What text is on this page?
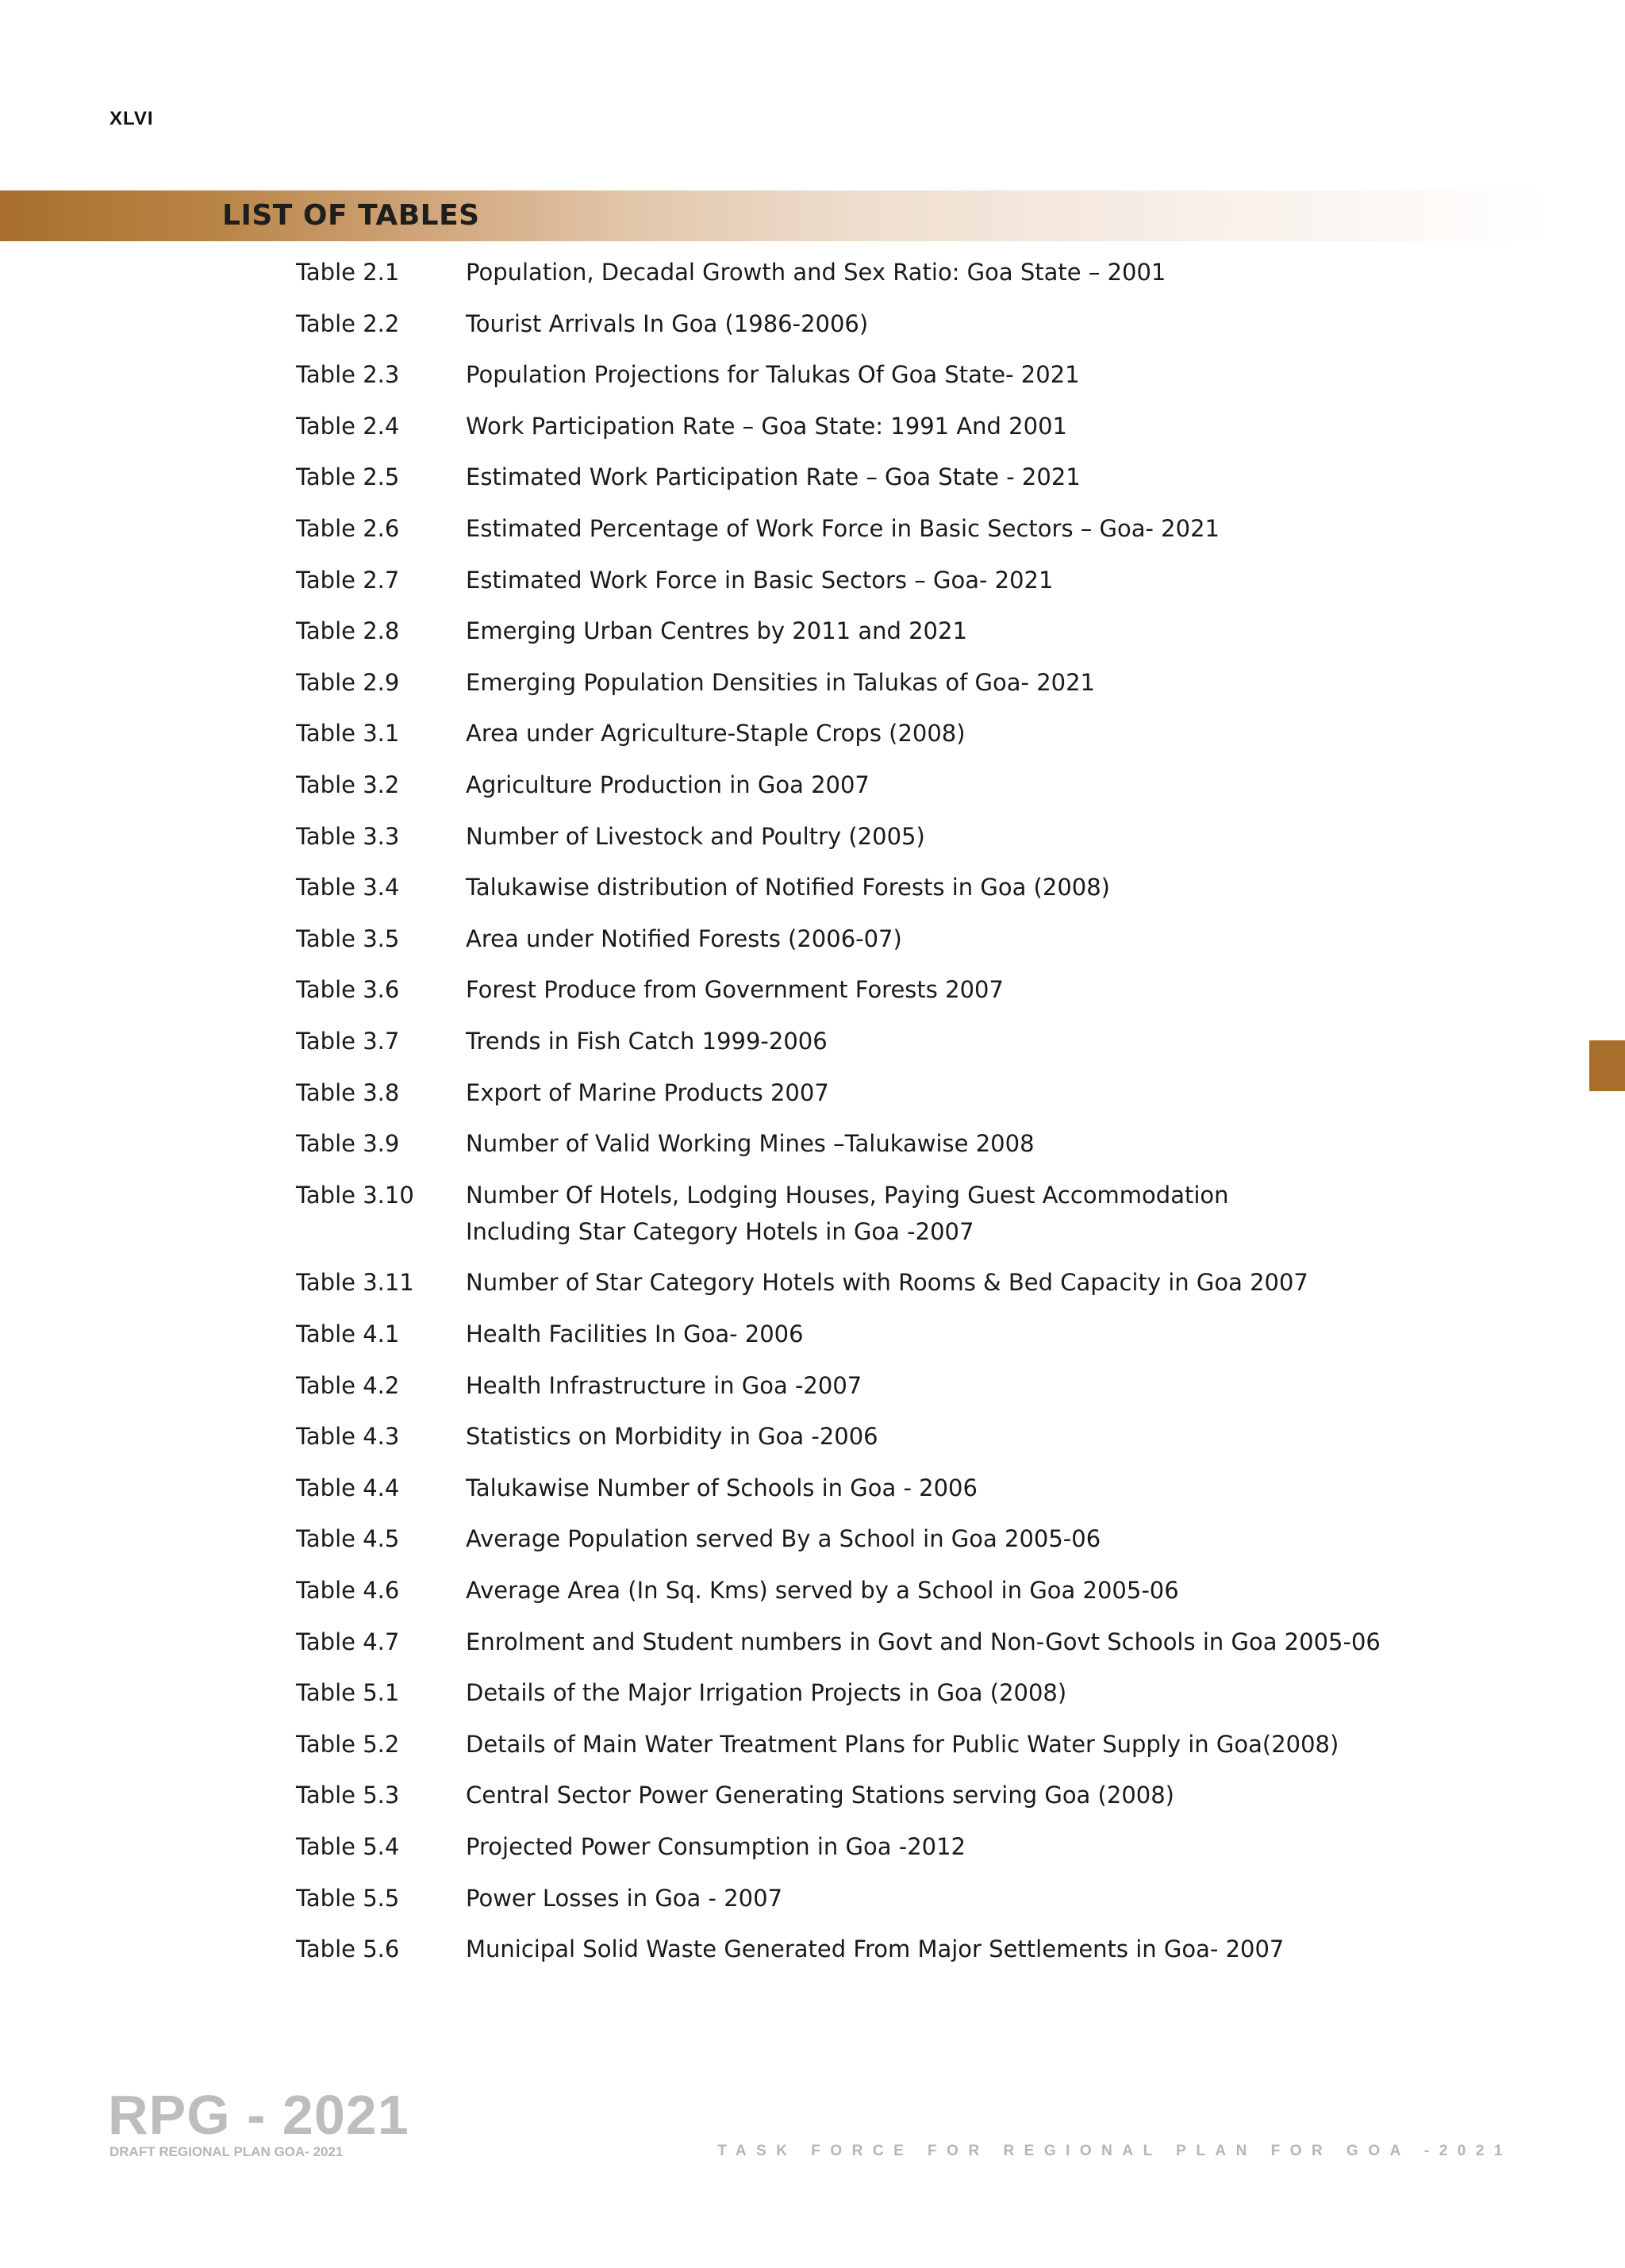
XLVI
LIST OF TABLES
Table 2.1	Population, Decadal Growth and Sex Ratio: Goa State – 2001
Table 2.2	Tourist Arrivals In Goa (1986-2006)
Table 2.3	Population Projections for Talukas Of Goa State- 2021
Table 2.4	Work Participation Rate – Goa State: 1991 And 2001
Table 2.5	Estimated Work Participation Rate – Goa State - 2021
Table 2.6	Estimated Percentage of Work Force in Basic Sectors – Goa- 2021
Table 2.7	Estimated Work Force in Basic Sectors – Goa- 2021
Table 2.8	Emerging Urban Centres by 2011 and 2021
Table 2.9	Emerging Population Densities in Talukas of Goa- 2021
Table 3.1	Area under Agriculture-Staple Crops (2008)
Table 3.2	Agriculture Production in Goa 2007
Table 3.3	Number of Livestock and Poultry (2005)
Table 3.4	Talukawise distribution of Notified Forests in Goa (2008)
Table 3.5	Area under Notified Forests (2006-07)
Table 3.6	Forest Produce from Government Forests 2007
Table 3.7	Trends in Fish Catch 1999-2006
Table 3.8	Export of Marine Products 2007
Table 3.9	Number of Valid Working Mines –Talukawise 2008
Table 3.10	Number Of Hotels, Lodging Houses, Paying Guest Accommodation
Including Star Category Hotels in Goa -2007
Table 3.11	Number of Star Category Hotels with Rooms & Bed Capacity in Goa 2007
Table 4.1	Health Facilities In Goa- 2006
Table 4.2	Health Infrastructure in Goa -2007
Table 4.3	Statistics on Morbidity in Goa -2006
Table 4.4	Talukawise Number of Schools in Goa - 2006
Table 4.5	Average Population served By a School in Goa 2005-06
Table 4.6	Average Area (In Sq. Kms) served by a School in Goa 2005-06
Table 4.7	Enrolment and Student numbers in Govt and Non-Govt Schools in Goa 2005-06
Table 5.1	Details of the Major Irrigation Projects in Goa (2008)
Table 5.2	Details of Main Water Treatment Plans for Public Water Supply in Goa(2008)
Table 5.3	Central Sector Power Generating Stations serving Goa (2008)
Table 5.4	Projected Power Consumption in Goa -2012
Table 5.5	Power Losses in Goa - 2007
Table 5.6	Municipal Solid Waste Generated From Major Settlements in Goa- 2007
RPG - 2021
DRAFT REGIONAL PLAN GOA- 2021	TASK FORCE FOR REGIONAL PLAN FOR GOA -2021
